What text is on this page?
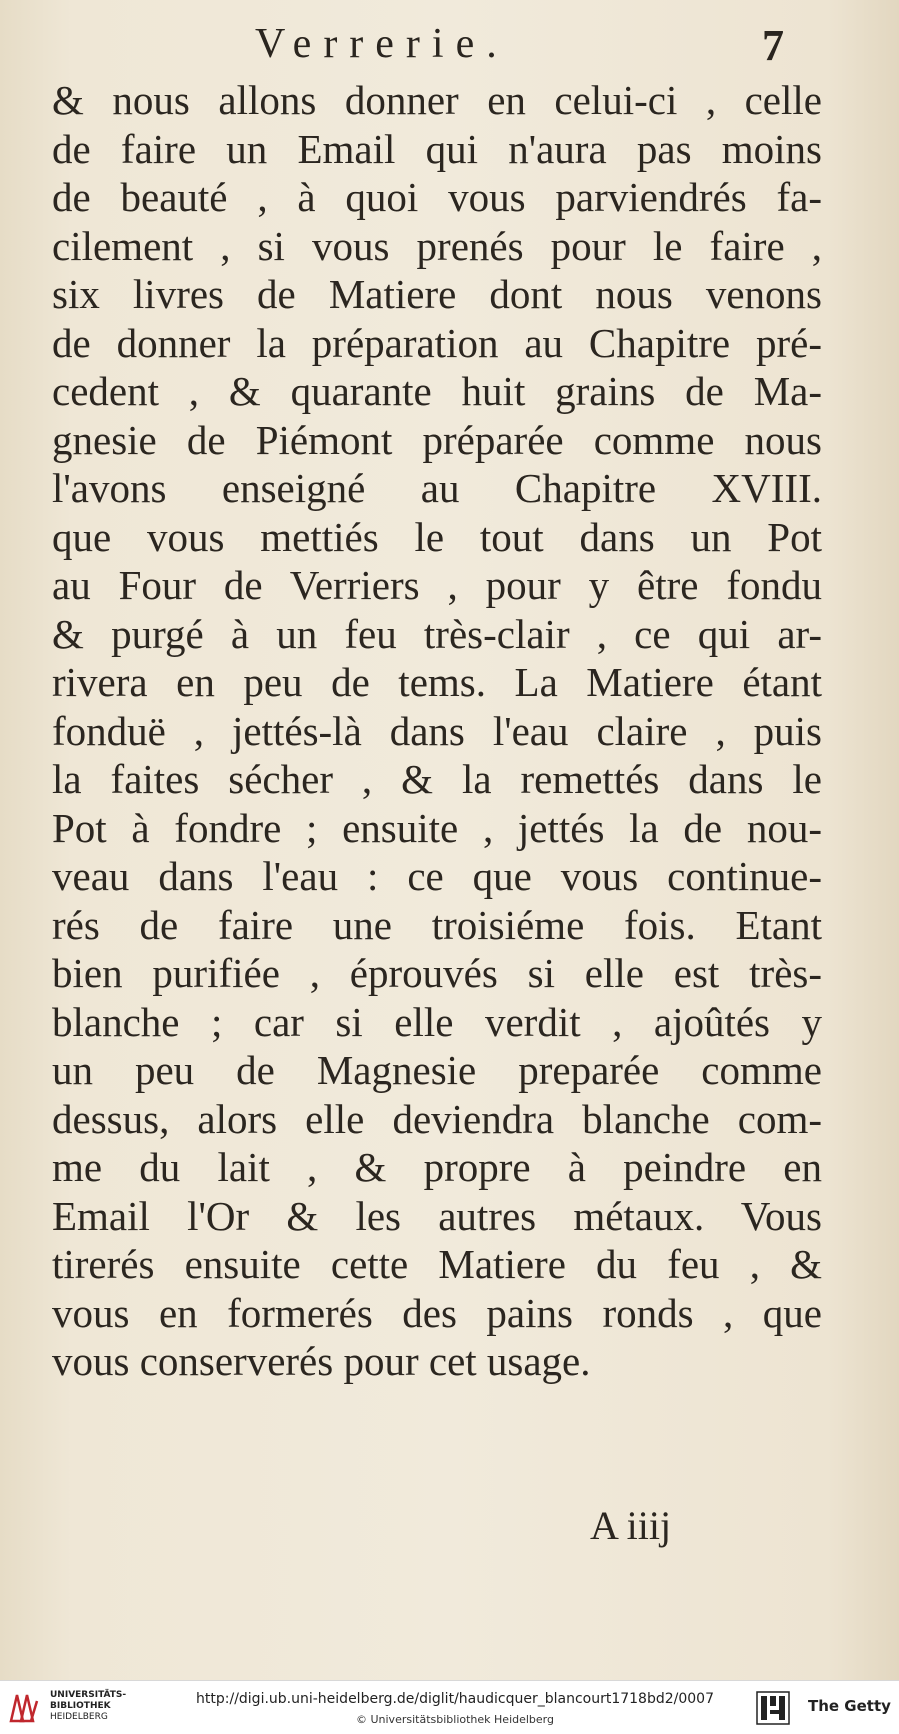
Verrerie.	7
& nous allons donner en celui-ci , celle
de faire un Email qui n'aura pas moins
de beauté , à quoi vous parviendrés fa-
cilement , si vous prenés pour le faire ,
six livres de Matiere dont nous venons
de donner la préparation au Chapitre pré-
cedent , & quarante huit grains de Ma-
gnesie de Piémont préparée comme nous
l'avons enseigné au Chapitre XVIII.
que vous mettiés le tout dans un Pot
au Four de Verriers , pour y être fondu
& purgé à un feu très-clair , ce qui ar-
rivera en peu de tems. La Matiere étant
fonduë , jettés-là dans l'eau claire , puis
la faites sécher , & la remettés dans le
Pot à fondre ; ensuite , jettés la de nou-
veau dans l'eau : ce que vous continue-
rés de faire une troisiéme fois. Etant
bien purifiée , éprouvés si elle est très-
blanche ; car si elle verdit , ajoûtés y
un peu de Magnesie preparée comme
dessus, alors elle deviendra blanche com-
me du lait , & propre à peindre en
Email l'Or & les autres métaux. Vous
tirerés ensuite cette Matiere du feu , &
vous en formerés des pains ronds , que
vous conserverés pour cet usage.
A iiij
UNIVERSITÄTS-
BIBLIOTHEK
HEIDELBERG
http://digi.ub.uni-heidelberg.de/diglit/haudicquer_blancourt1718bd2/0007
© Universitätsbibliothek Heidelberg
The Getty
